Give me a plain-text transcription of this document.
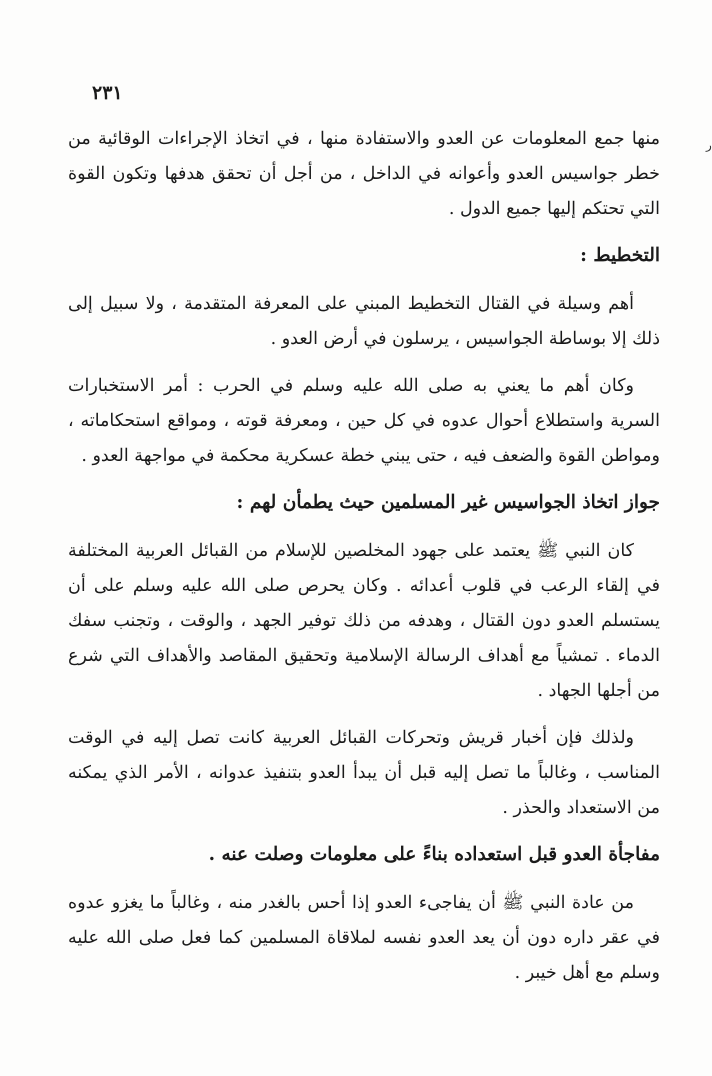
٢٣١
ر

منها جمع المعلومات عن العدو والاستفادة منها ، في اتخاذ الإجراءات الوقائية من خطر جواسيس العدو وأعوانه في الداخل ، من أجل أن تحقق هدفها وتكون القوة التي تحتكم إليها جميع الدول .

التخطيط :

أهم وسيلة في القتال التخطيط المبني على المعرفة المتقدمة ، ولا سبيل إلى ذلك إلا بوساطة الجواسيس ، يرسلون في أرض العدو .

وكان أهم ما يعني به صلى الله عليه وسلم في الحرب : أمر الاستخبارات السرية واستطلاع أحوال عدوه في كل حين ، ومعرفة قوته ، ومواقع استحكاماته ، ومواطن القوة والضعف فيه ، حتى يبني خطة عسكرية محكمة في مواجهة العدو .

جواز اتخاذ الجواسيس غير المسلمين حيث يطمأن لهم :

كان النبي ﷺ يعتمد على جهود المخلصين للإسلام من القبائل العربية المختلفة في إلقاء الرعب في قلوب أعدائه . وكان يحرص صلى الله عليه وسلم على أن يستسلم العدو دون القتال ، وهدفه من ذلك توفير الجهد ، والوقت ، وتجنب سفك الدماء . تمشياً مع أهداف الرسالة الإسلامية وتحقيق المقاصد والأهداف التي شرع من أجلها الجهاد .

ولذلك فإن أخبار قريش وتحركات القبائل العربية كانت تصل إليه في الوقت المناسب ، وغالباً ما تصل إليه قبل أن يبدأ العدو بتنفيذ عدوانه ، الأمر الذي يمكنه من الاستعداد والحذر .

مفاجأة العدو قبل استعداده بناءً على معلومات وصلت عنه .

من عادة النبي ﷺ أن يفاجىء العدو إذا أحس بالغدر منه ، وغالباً ما يغزو عدوه في عقر داره دون أن يعد العدو نفسه لملاقاة المسلمين كما فعل صلى الله عليه وسلم مع أهل خيبر .
